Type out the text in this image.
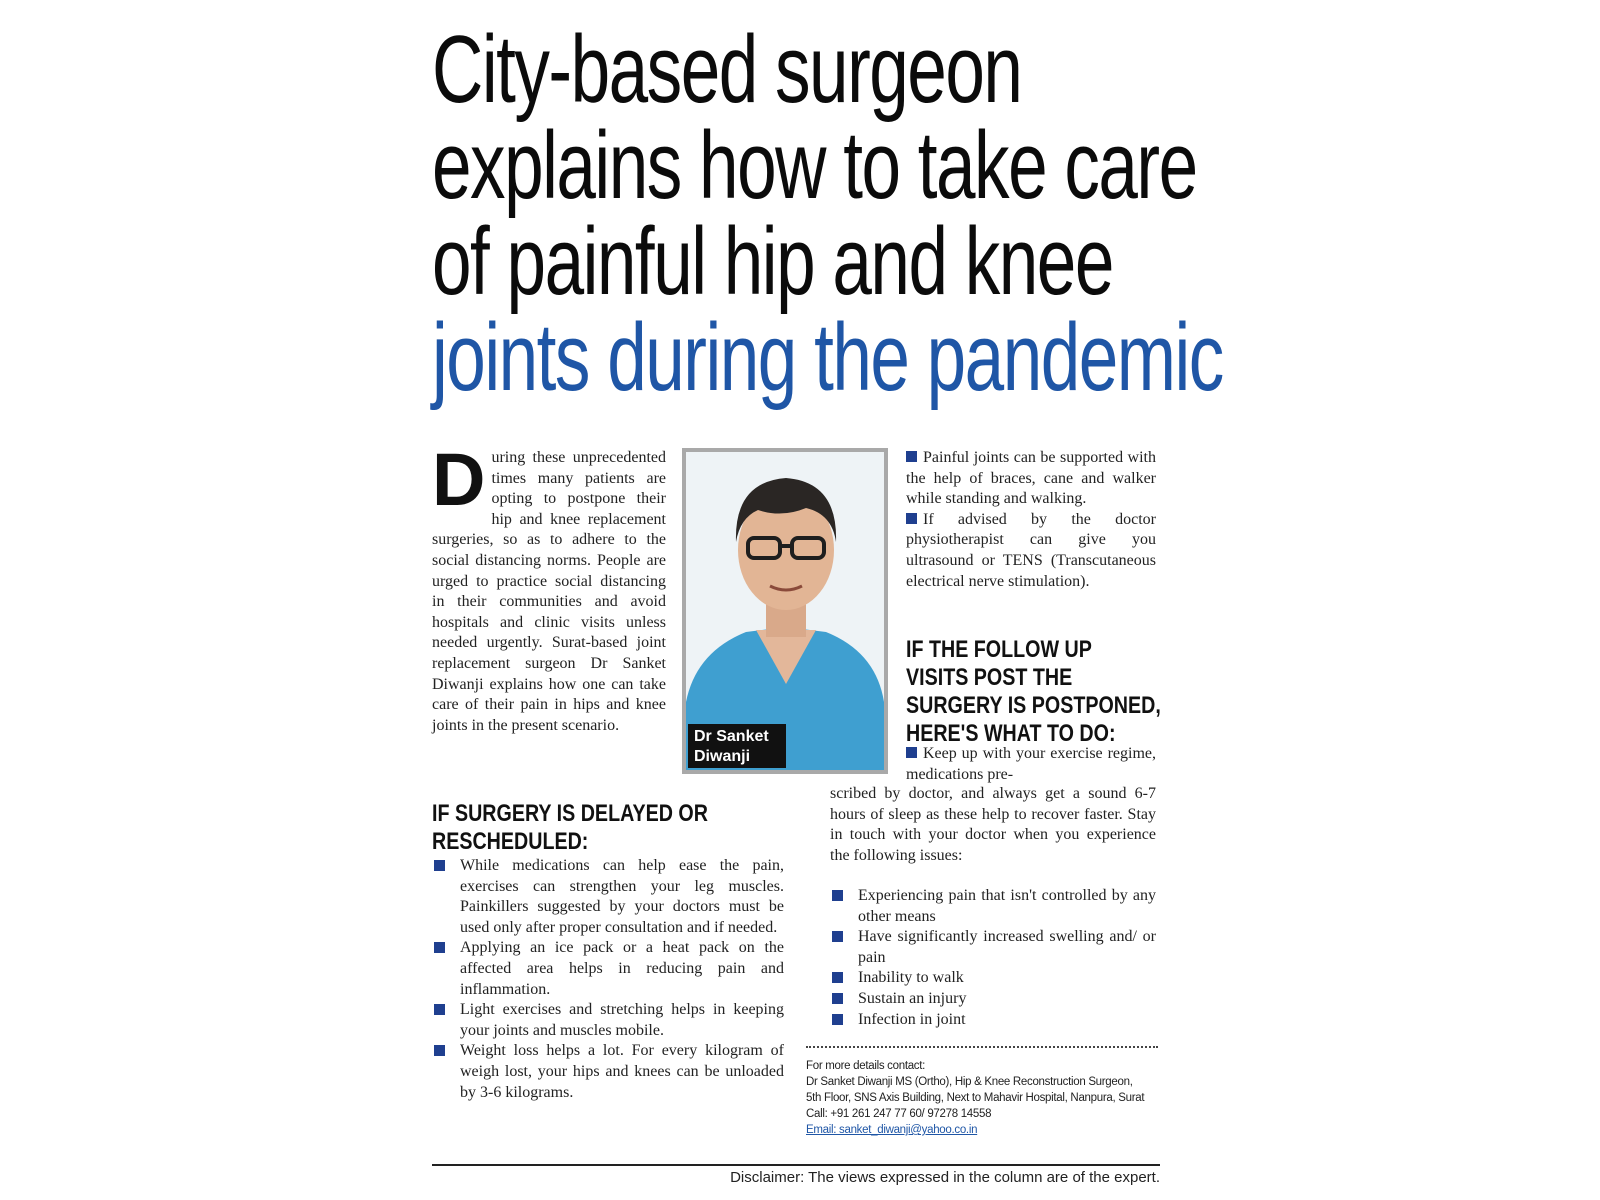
City-based surgeon
explains how to take care
of painful hip and knee
joints during the pandemic
D uring these unprecedented times many patients are opting to postpone their hip and knee replacement surgeries, so as to adhere to the social distancing norms. People are urged to practice social distancing in their communities and avoid hospitals and clinic visits unless needed urgently. Surat-based joint replacement surgeon Dr Sanket Diwanji explains how one can take care of their pain in hips and knee joints in the present scenario.
Dr Sanket
Diwanji
IF SURGERY IS DELAYED OR
RESCHEDULED:
While medications can help ease the pain, exercises can strengthen your leg muscles. Painkillers suggested by your doctors must be used only after proper consultation and if needed.
Applying an ice pack or a heat pack on the affected area helps in reducing pain and inflammation.
Light exercises and stretching helps in keeping your joints and muscles mobile.
Weight loss helps a lot. For every kilogram of weigh lost, your hips and knees can be unloaded by 3-6 kilograms.

Painful joints can be supported with the help of braces, cane and walker while standing and walking.

If advised by the doctor physiotherapist can give you ultrasound or TENS (Transcutaneous electrical nerve stimulation).

IF THE FOLLOW UP
VISITS POST THE
SURGERY IS POSTPONED,
HERE'S WHAT TO DO:
Keep up with your exercise regime, medications pre-
scribed by doctor, and always get a sound 6-7 hours of sleep as these help to recover faster. Stay in touch with your doctor when you experience the following issues:
Experiencing pain that isn't controlled by any other means
Have significantly increased swelling and/ or pain
Inability to walk
Sustain an injury
Infection in joint
For more details contact:
Dr Sanket Diwanji MS (Ortho), Hip & Knee Reconstruction Surgeon,
5th Floor, SNS Axis Building, Next to Mahavir Hospital, Nanpura, Surat
Call: +91 261 247 77 60/ 97278 14558
Email: sanket_diwanji@yahoo.co.in
Disclaimer: The views expressed in the column are of the expert.
